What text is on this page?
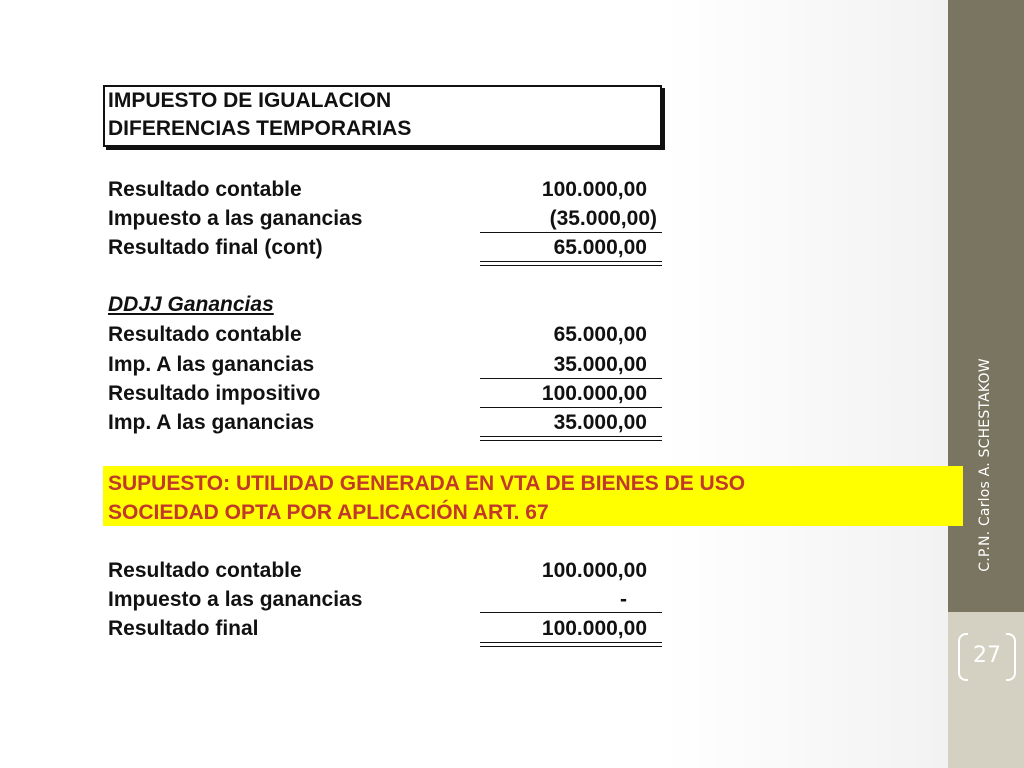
C.P.N. Carlos A. SCHESTAKOW
27
IMPUESTO DE IGUALACION
DIFERENCIAS TEMPORARIAS
Resultado contable	100.000,00
Impuesto a las ganancias	(35.000,00)
Resultado final (cont)	65.000,00
DDJJ Ganancias
Resultado contable	65.000,00
Imp. A las ganancias	35.000,00
Resultado impositivo	100.000,00
Imp. A las ganancias	35.000,00
SUPUESTO: UTILIDAD GENERADA EN VTA DE BIENES DE USO
SOCIEDAD OPTA POR APLICACIÓN ART. 67
Resultado contable	100.000,00
Impuesto a las ganancias	-
Resultado final	100.000,00
